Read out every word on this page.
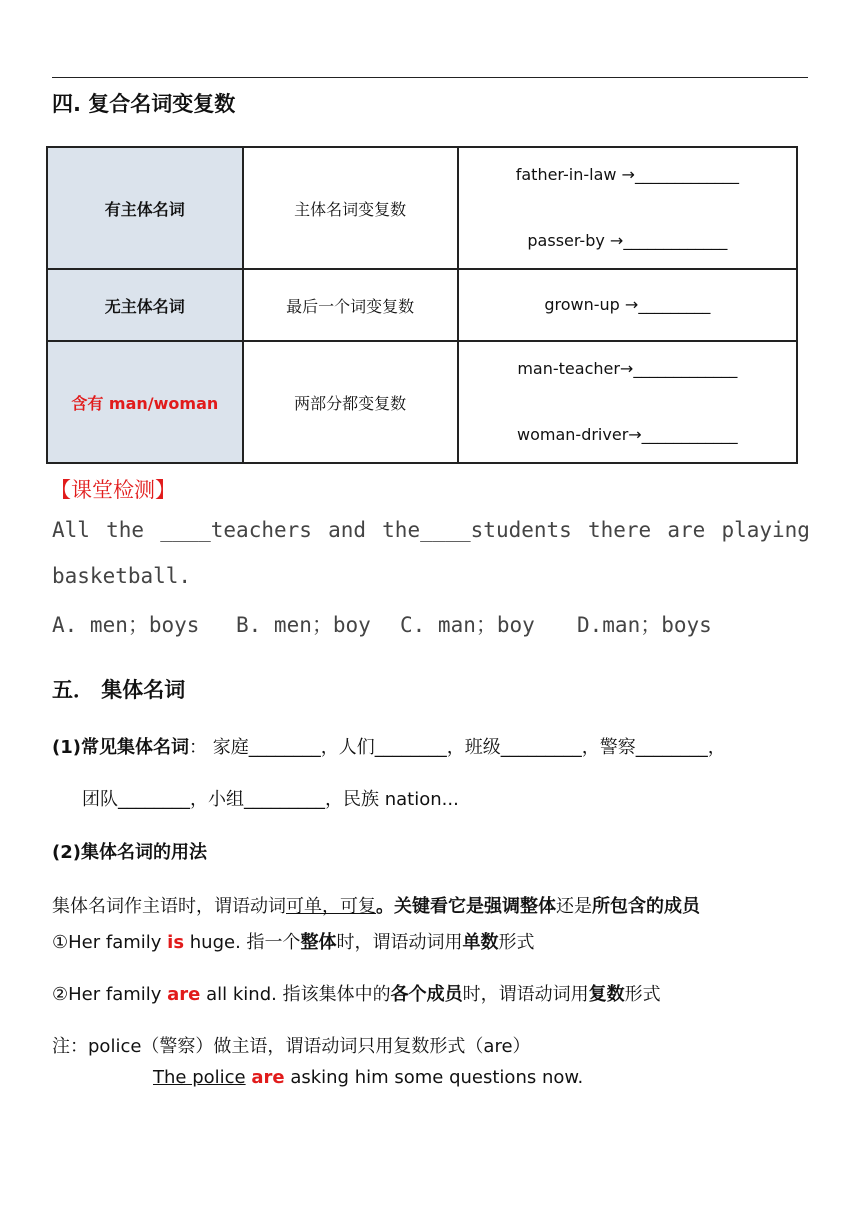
四. 复合名词变复数
有主体名词	主体名词变复数	father-in-law →_____________
passer-by →_____________

无主体名词	最后一个词变复数	grown-up →_________

含有 man/woman	两部分都变复数	man-teacher→_____________
woman-driver→____________
【课堂检测】
All the ____teachers and the____students there are playing
basketball.
A. men；boys B. men；boy C. man；boy D.man；boys
五． 集体名词
(1)常见集体名词： 家庭________，人们________，班级_________，警察________，
团队________，小组_________，民族 nation...
(2)集体名词的用法
集体名词作主语时，谓语动词可单，可复。关键看它是强调整体还是所包含的成员
①Her family is huge. 指一个整体时，谓语动词用单数形式
②Her family are all kind. 指该集体中的各个成员时，谓语动词用复数形式
注：police（警察）做主语，谓语动词只用复数形式（are）
The police are asking him some questions now.
